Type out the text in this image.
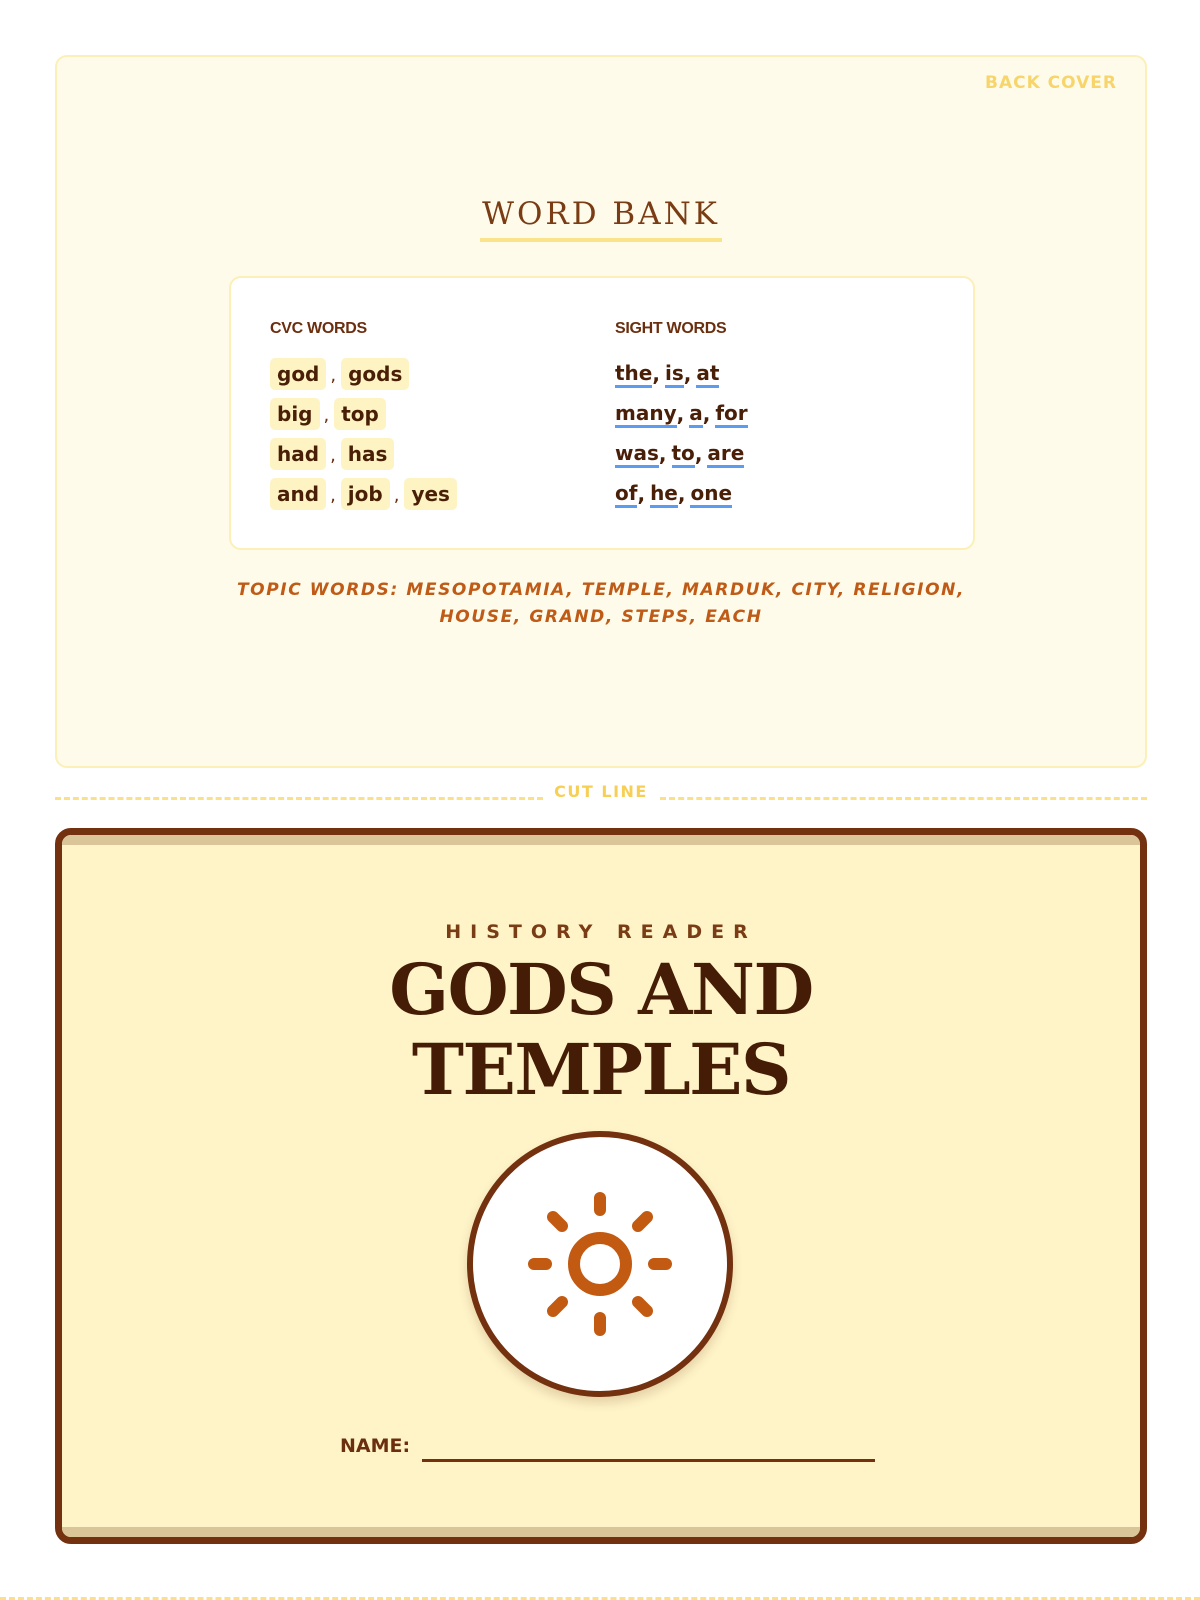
BACK COVER
WORD BANK
CVC WORDS
god , gods
big , top
had , has
and , job , yes
SIGHT WORDS
the , is , at
many , a , for
was , to , are
of , he , one
TOPIC WORDS: MESOPOTAMIA, TEMPLE, MARDUK, CITY, RELIGION,
HOUSE, GRAND, STEPS, EACH
CUT LINE
HISTORY READER
GODS AND
TEMPLES
NAME:
